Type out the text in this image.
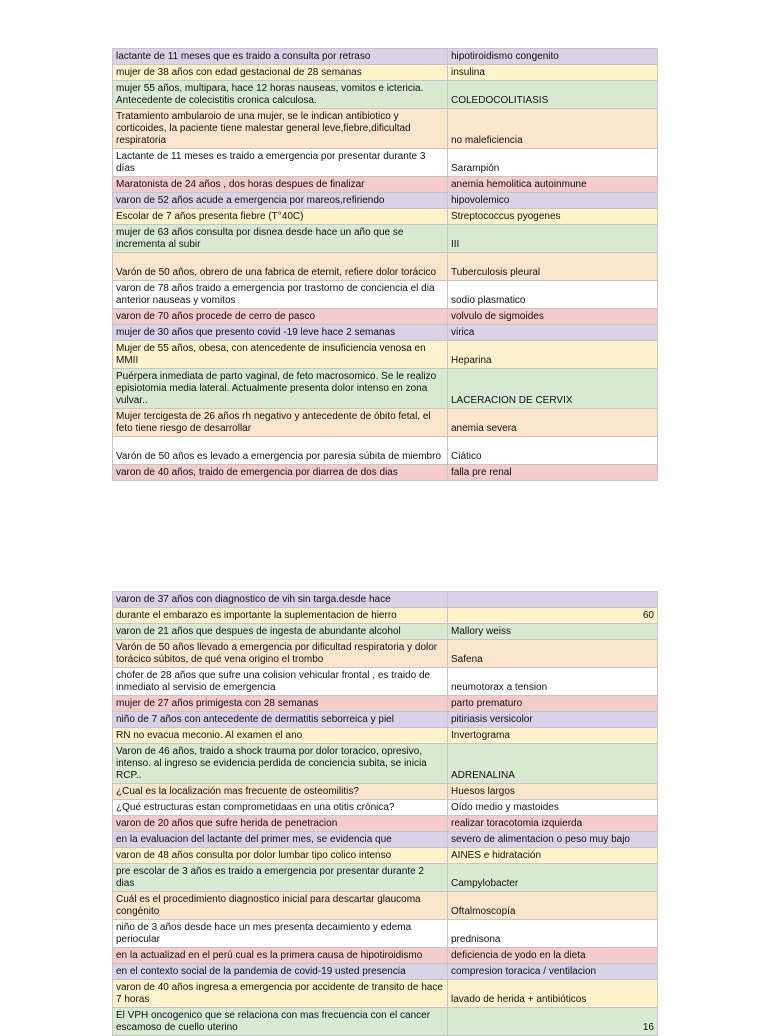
lactante de 11 meses que es traido a consulta por retraso	hipotiroidismo congenito
mujer de 38 años con edad gestacional de 28 semanas	insulina
mujer 55 años, multipara, hace 12 horas nauseas, vomitos e ictericia. Antecedente de colecistitis cronica calculosa.	COLEDOCOLITIASIS
Tratamiento ambularoio de una mujer, se le indican antibiotico y corticoides, la paciente tiene malestar general leve,fiebre,dificultad respiratoria	no maleficiencia
Lactante de 11 meses es traido a emergencia por presentar durante 3 días	Sarampión
Maratonista de 24 años , dos horas despues de finalizar	anemia hemolitica autoinmune
varon de 52 años acude a emergencia por mareos,refiriendo	hipovolemico
Escolar de 7 años presenta fiebre (T°40C)	Streptococcus pyogenes
mujer de 63 años consulta por disnea desde hace un año que se incrementa al subir	III
Varón de 50 años, obrero de una fabrica de eternit, refiere dolor torácico	Tuberculosis pleural
varon de 78 años traido a emergencia por trastorno de conciencia el dia anterior nauseas y vomitos	sodio plasmatico
varon de 70 años procede de cerro de pasco	volvulo de sigmoides
mujer de 30 años que presento covid -19 leve hace 2 semanas	virica
Mujer de 55 años, obesa, con atencedente de insuficiencia venosa en MMII	Heparina
Puérpera inmediata de parto vaginal, de feto macrosomico. Se le realizo episiotomia media lateral. Actualmente presenta dolor intenso en zona vulvar..	LACERACION DE CERVIX
Mujer tercigesta de 26 años rh negativo y antecedente de óbito fetal, el feto tiene riesgo de desarrollar	anemia severa
Varón de 50 años es levado a emergencia por paresia súbita de miembro	Ciático
varon de 40 años, traido de emergencia por diarrea de dos dias	falla pre renal
varon de 37 años con diagnostico de vih sin targa.desde hace	
durante el embarazo es importante la suplementacion de hierro	60
varon de 21 años que despues de ingesta de abundante alcohol	Mallory weiss
Varón de 50 años llevado a emergencia por dificultad respiratoria y dolor torácico súbitos, de qué vena origino el trombo	Safena
chofer de 28 años que sufre una colision vehicular frontal , es traido de inmediato al servisio de emergencia	neumotorax a tension
mujer de 27 años primigesta con 28 semanas	parto prematuro
niño de 7 años con antecedente de dermatitis seborreica y piel	pitiriasis versicolor
RN no evacua meconio. Al examen el ano	Invertograma
Varon de 46 años, traido a shock trauma por dolor toracico, opresivo, intenso. al ingreso se evidencia perdida de conciencia subita, se inicia RCP..	ADRENALINA
¿Cual es la localización mas frecuente de osteomilitis?	Huesos largos
¿Qué estructuras estan comprometidaas en una otitis crónica?	Oído medio y mastoides
varon de 20 años que sufre herida de penetracion	realizar toracotomia izquierda
en la evaluacion del lactante del primer mes, se evidencia que	severo de alimentacion o peso muy bajo
varon de 48 años consulta por dolor lumbar tipo colico intenso	AINES e hidratación
pre escolar de 3 años es traido a emergencia por presentar durante 2 dias	Campylobacter
Cuál es el procedimiento diagnostico inicial para descartar glaucoma congénito	Oftalmoscopía
niño de 3 años desde hace un mes presenta decaimiento y edema periocular	prednisona
en la actualizad en el perú cual es la primera causa de hipotiroidismo	deficiencia de yodo en la dieta
en el contexto social de la pandemia de covid-19 usted presencia	compresion toracica / ventilacion
varon de 40 años ingresa a emergencia por accidente de transito de hace 7 horas	lavado de herida + antibióticos
El VPH oncogenico que se relaciona con mas frecuencia con el cancer escamoso de cuello uterino	16
